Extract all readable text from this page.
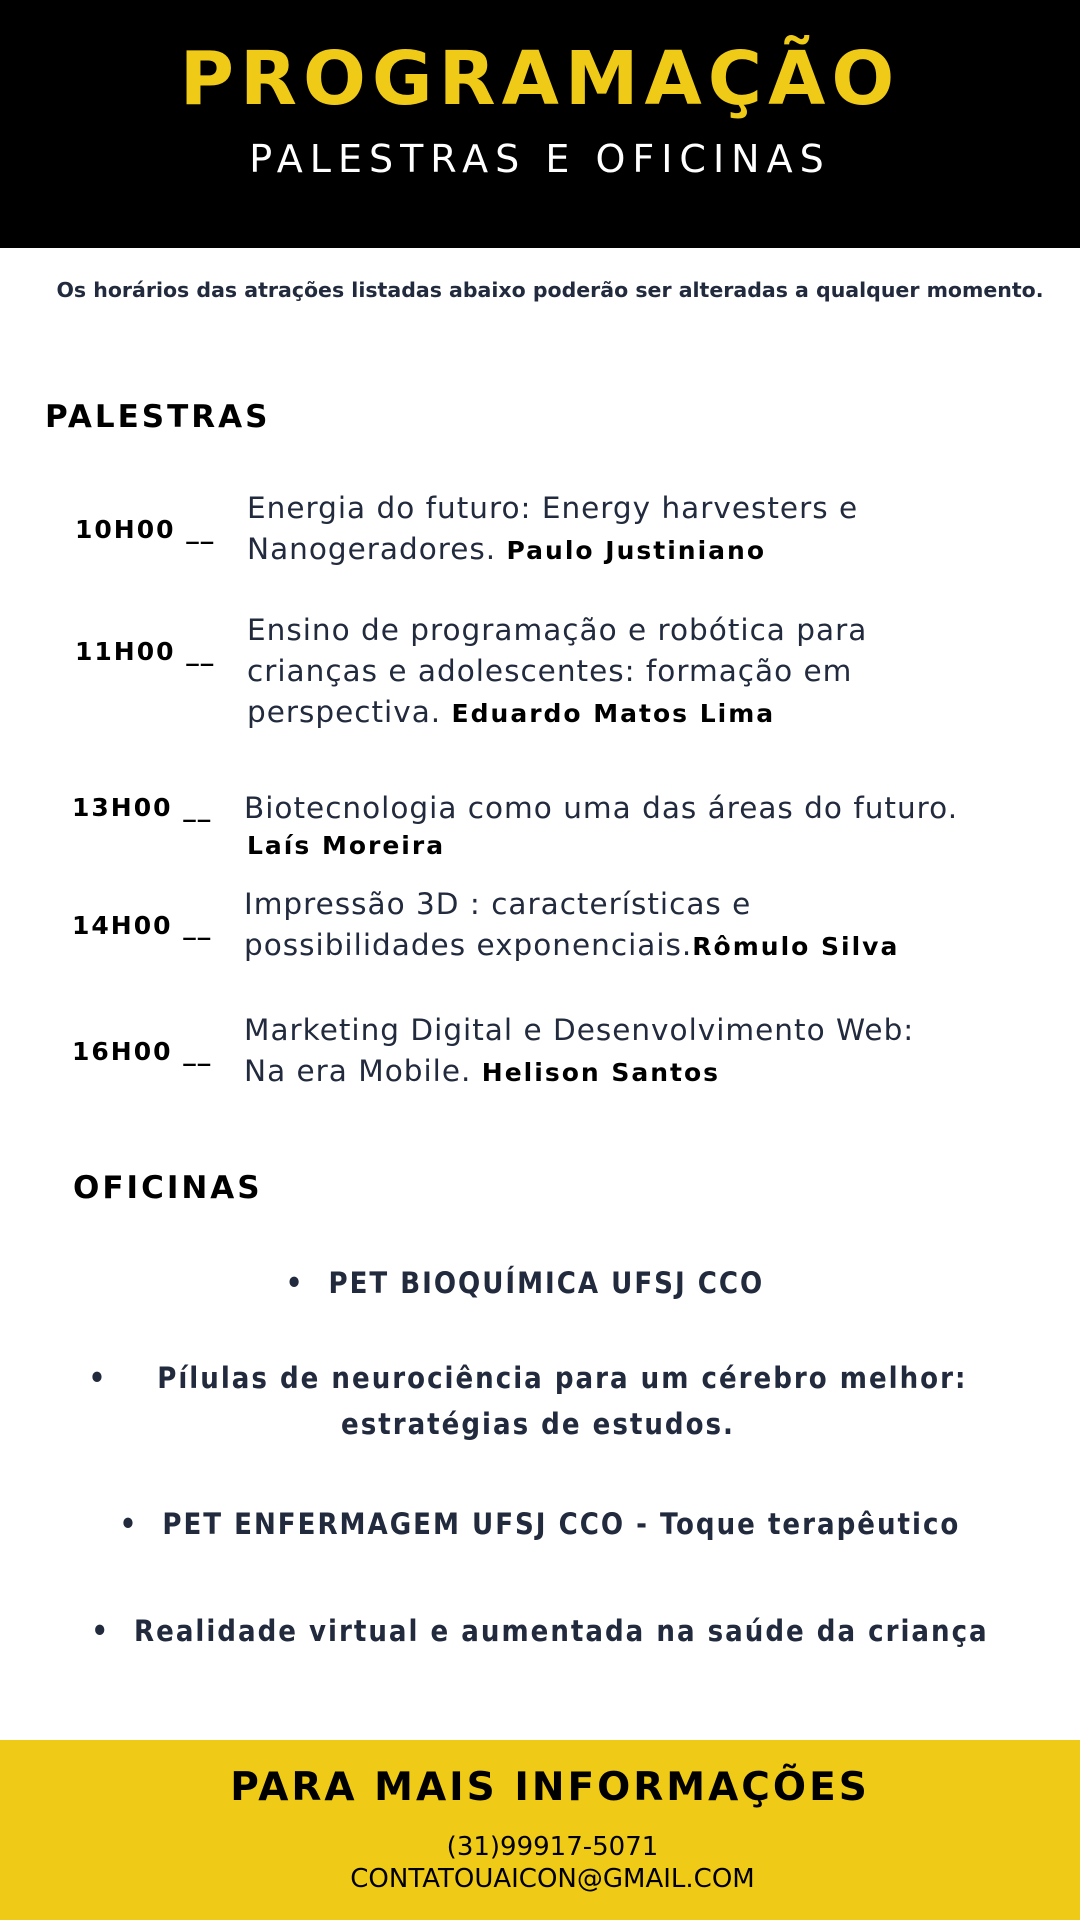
PROGRAMAÇÃO
PALESTRAS E OFICINAS
Os horários das atrações listadas abaixo poderão ser alteradas a qualquer momento.
PALESTRAS
10H00 __
Energia do futuro: Energy harvesters e
Nanogeradores. Paulo Justiniano
11H00 __
Ensino de programação e robótica para
crianças e adolescentes: formação em
perspectiva. Eduardo Matos Lima
13H00 __ Biotecnologia como uma das áreas do futuro.
Laís Moreira
14H00 __
Impressão 3D : características e
possibilidades exponenciais.Rômulo Silva
16H00 __
Marketing Digital e Desenvolvimento Web:
Na era Mobile. Helison Santos
OFICINAS
• PET BIOQUÍMICA UFSJ CCO
• Pílulas de neurociência para um cérebro melhor:
estratégias de estudos.
• PET ENFERMAGEM UFSJ CCO - Toque terapêutico
• Realidade virtual e aumentada na saúde da criança
PARA MAIS INFORMAÇÕES
(31)99917-5071
CONTATOUAICON@GMAIL.COM
